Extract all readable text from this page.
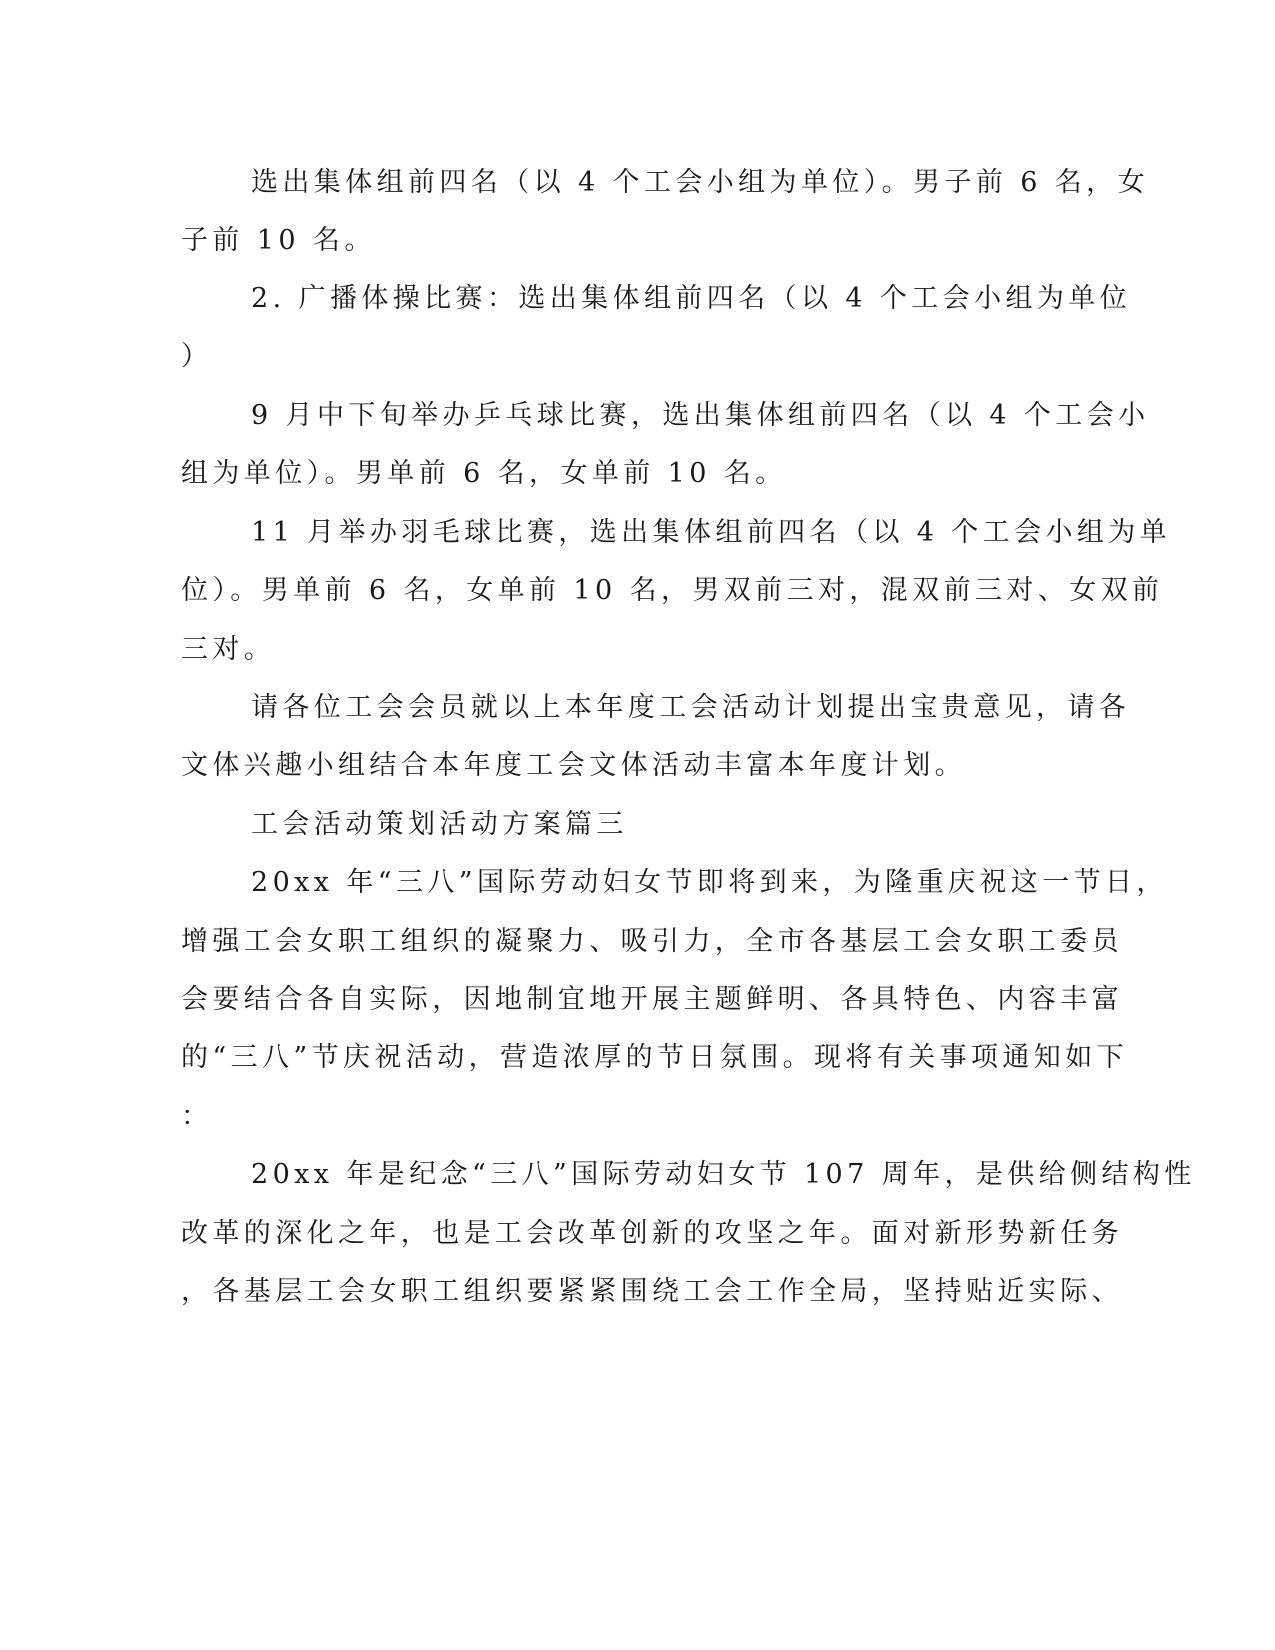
选出集体组前四名（以 4 个工会小组为单位）。男子前 6 名，女
子前 10 名。
2. 广播体操比赛：选出集体组前四名（以 4 个工会小组为单位
）
9 月中下旬举办乒乓球比赛，选出集体组前四名（以 4 个工会小
组为单位）。男单前 6 名，女单前 10 名。
11 月举办羽毛球比赛，选出集体组前四名（以 4 个工会小组为单
位）。男单前 6 名，女单前 10 名，男双前三对，混双前三对、女双前
三对。
请各位工会会员就以上本年度工会活动计划提出宝贵意见，请各
文体兴趣小组结合本年度工会文体活动丰富本年度计划。
工会活动策划活动方案篇三
20xx 年“三八”国际劳动妇女节即将到来，为隆重庆祝这一节日，
增强工会女职工组织的凝聚力、吸引力，全市各基层工会女职工委员
会要结合各自实际，因地制宜地开展主题鲜明、各具特色、内容丰富
的“三八”节庆祝活动，营造浓厚的节日氛围。现将有关事项通知如下
：
20xx 年是纪念“三八”国际劳动妇女节 107 周年，是供给侧结构性
改革的深化之年，也是工会改革创新的攻坚之年。面对新形势新任务
，各基层工会女职工组织要紧紧围绕工会工作全局，坚持贴近实际、
